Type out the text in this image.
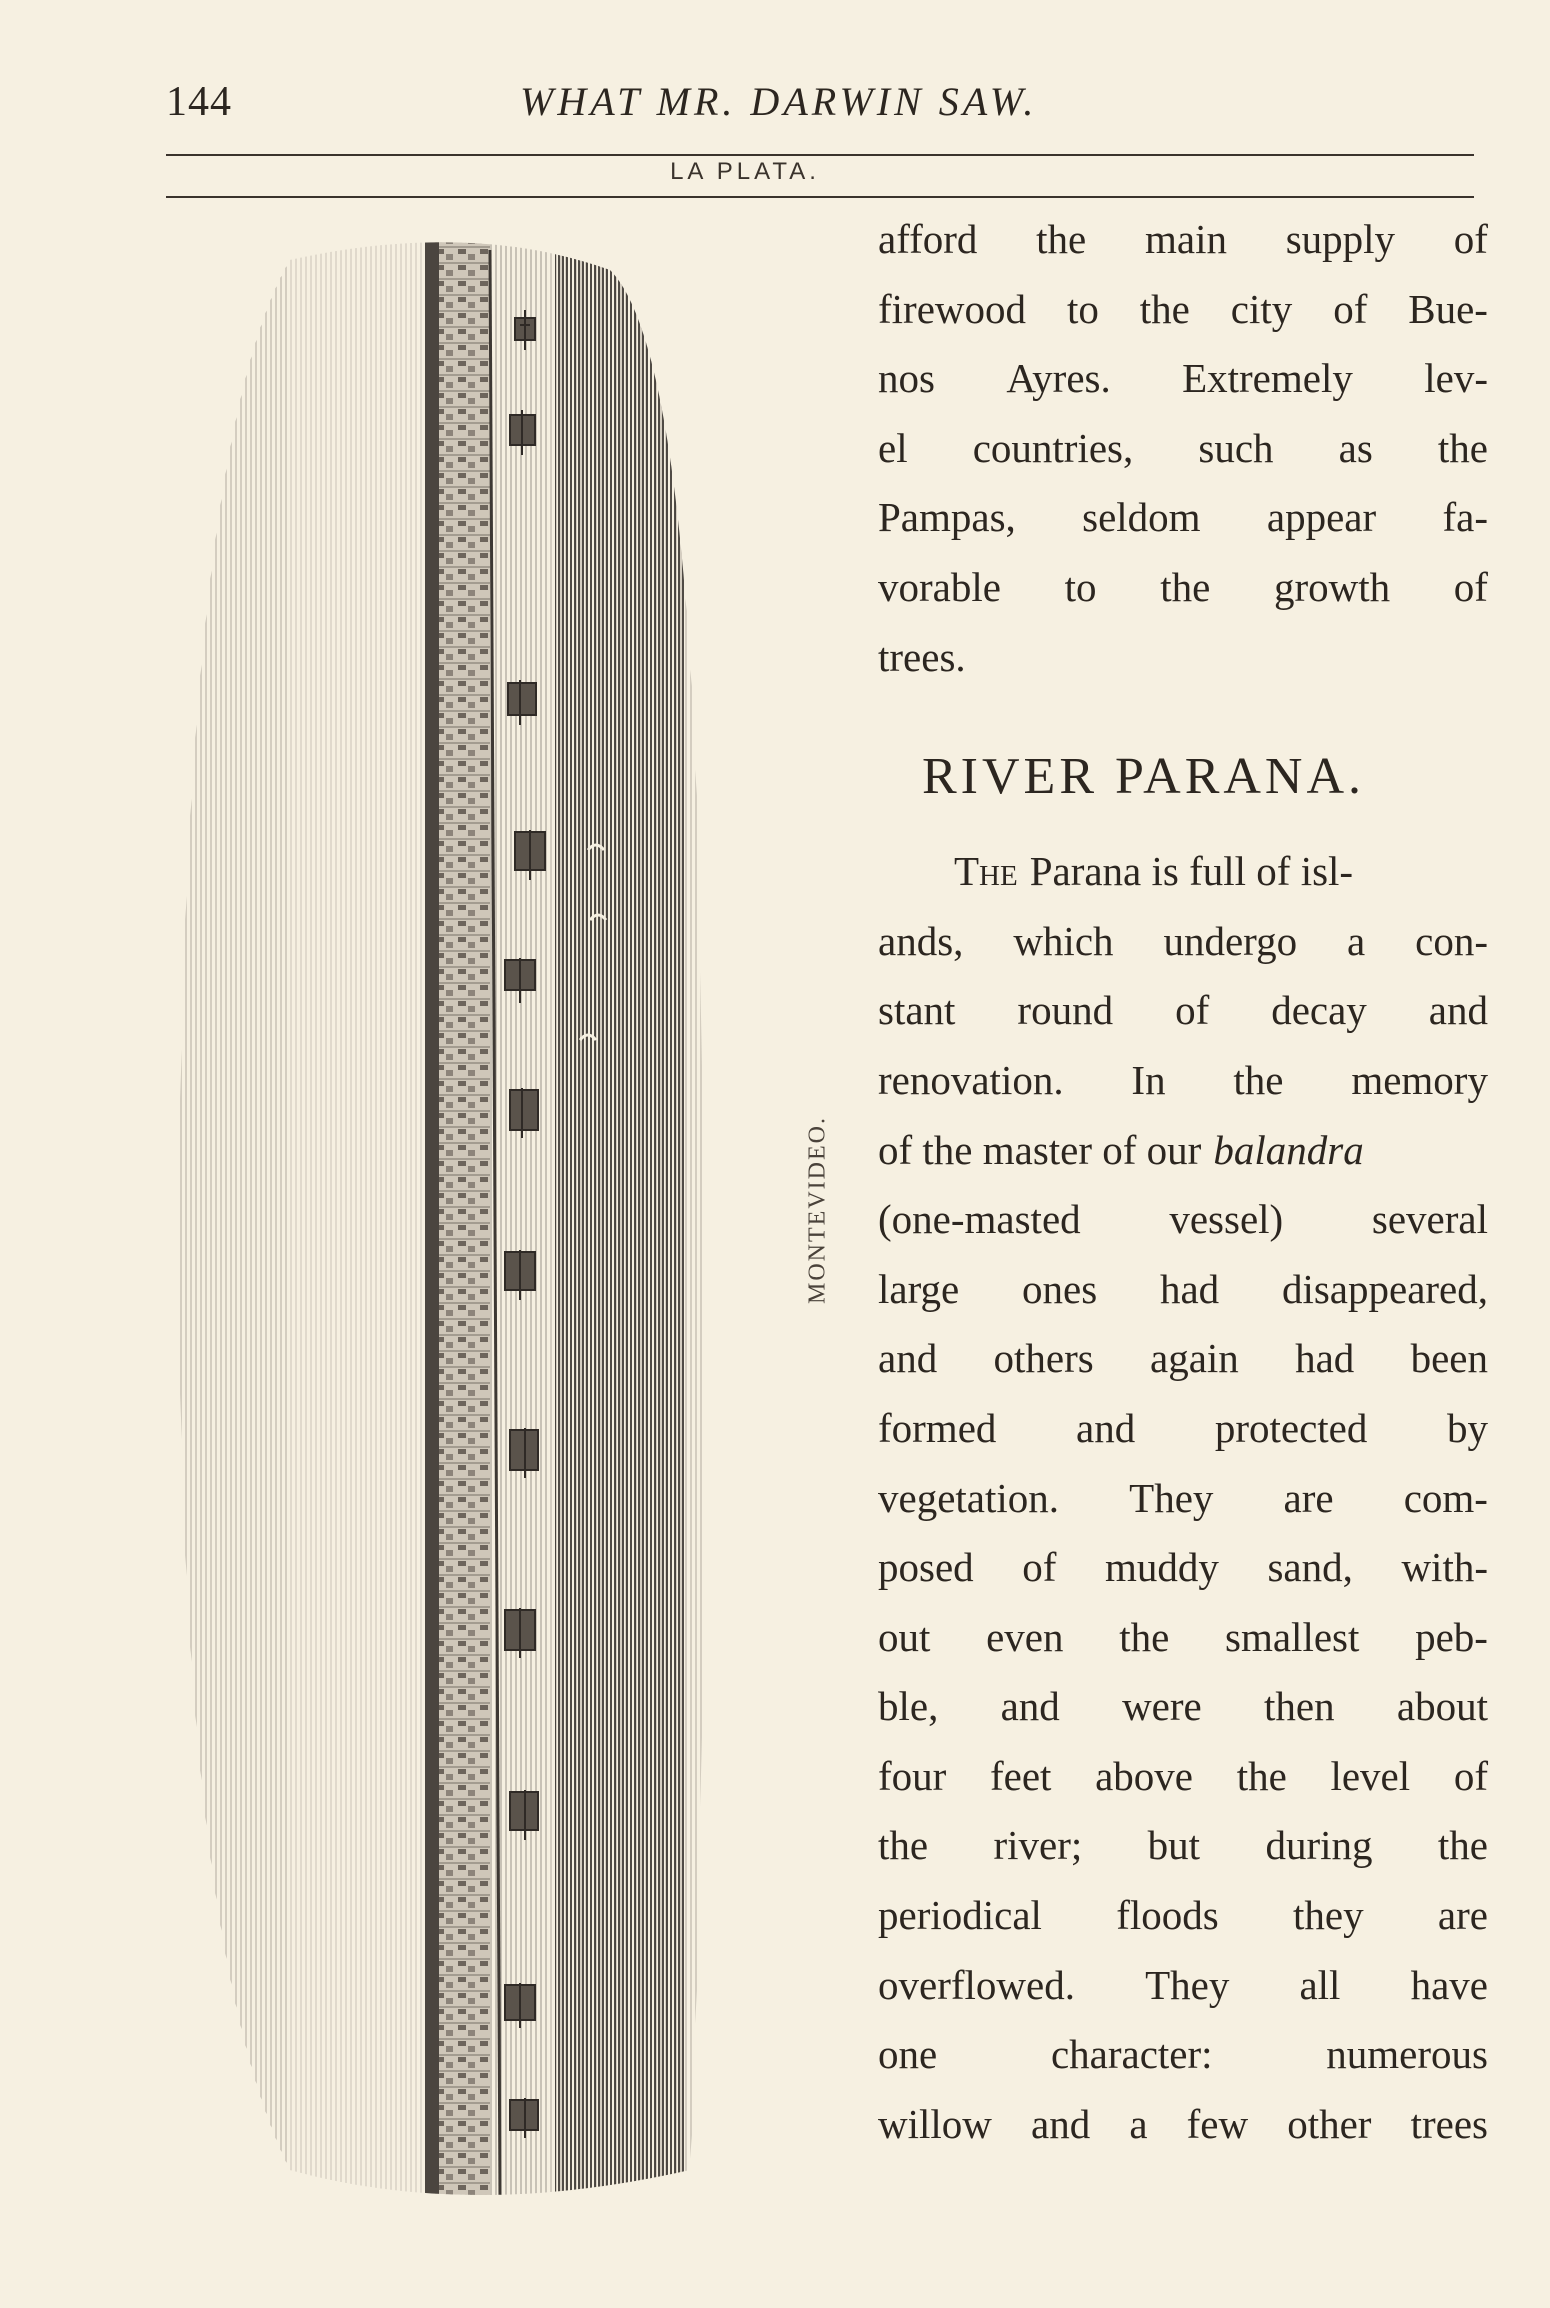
144	WHAT MR. DARWIN SAW.
LA PLATA.
MONTEVIDEO.
afford the main supply of
firewood to the city of Bue-
nos Ayres. Extremely lev-
el countries, such as the
Pampas, seldom appear fa-
vorable to the growth of
trees.
RIVER PARANA.
The Parana is full of isl-
ands, which undergo a con-
stant round of decay and
renovation. In the memory
of the master of our balandra
(one-masted vessel) several
large ones had disappeared,
and others again had been
formed and protected by
vegetation. They are com-
posed of muddy sand, with-
out even the smallest peb-
ble, and were then about
four feet above the level of
the river; but during the
periodical floods they are
overflowed. They all have
one	character:	numerous
willow and a few other trees
